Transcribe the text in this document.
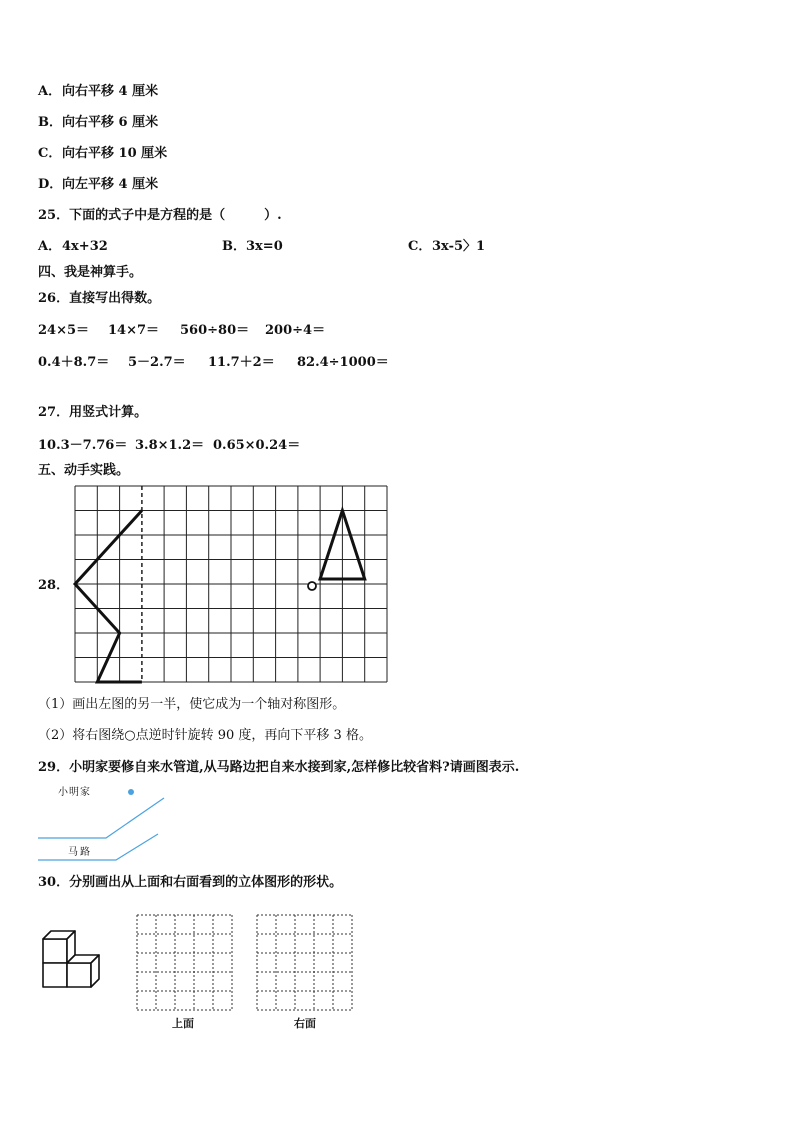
A． 向右平移 4 厘米
B． 向右平移 6 厘米
C． 向右平移 10 厘米
D． 向左平移 4 厘米
25．下面的式子中是方程的是（　　　）.
A． 4x+32	B． 3x=0	C． 3x-5〉1
四、我是神算手。
26．直接写出得数。
24×5＝ 14×7＝ 560÷80＝ 200÷4＝
0.4＋8.7＝ 5－2.7＝ 11.7＋2＝ 82.4÷1000＝
27．用竖式计算。
10.3－7.76＝ 3.8×1.2＝ 0.65×0.24＝
五、动手实践。
28．
（1）画出左图的另一半，使它成为一个轴对称图形。
（2）将右图绕○点逆时针旋转 90 度，再向下平移 3 格。
29．小明家要修自来水管道,从马路边把自来水接到家,怎样修比较省料?请画图表示.
小明家
马路
30．分别画出从上面和右面看到的立体图形的形状。
上面	右面
